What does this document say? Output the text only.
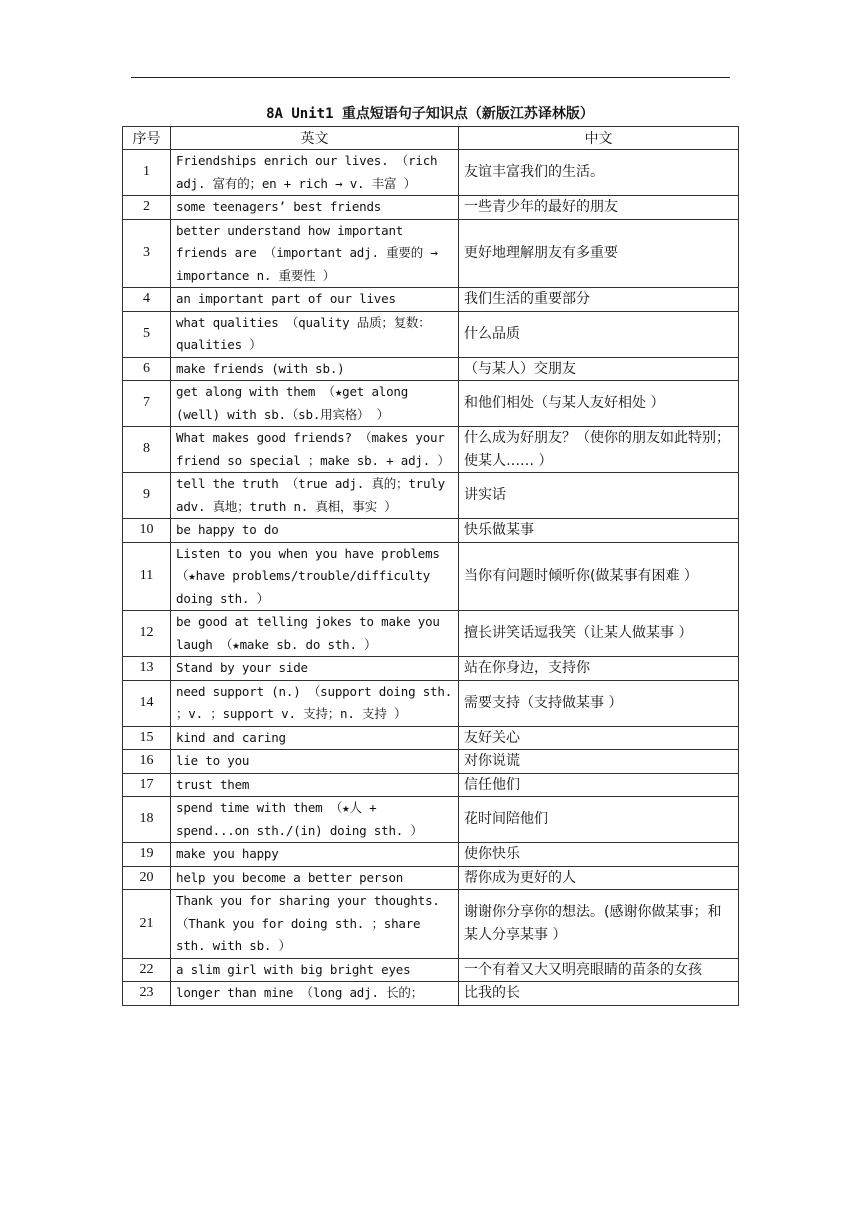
8A Unit1 重点短语句子知识点（新版江苏译林版）
序号	英文	中文
1	Friendships enrich our lives. （rich adj. 富有的；en + rich → v. 丰富 ）	友谊丰富我们的生活。
2	some teenagers’ best friends	一些青少年的最好的朋友
3	better understand how important friends are （important adj. 重要的 → importance n. 重要性 ）	更好地理解朋友有多重要
4	an important part of our lives	我们生活的重要部分
5	what qualities （quality 品质；复数：qualities ）	什么品质
6	make friends (with sb.)	（与某人）交朋友
7	get along with them （★get along (well) with sb.（sb.用宾格） ）	和他们相处（与某人友好相处 ）
8	What makes good friends? （makes your friend so special ；make sb. + adj. ）	什么成为好朋友？（使你的朋友如此特别；使某人…… ）
9	tell the truth （true adj. 真的；truly adv. 真地；truth n. 真相，事实 ）	讲实话
10	be happy to do	快乐做某事
11	Listen to you when you have problems （★have problems/trouble/difficulty doing sth. ）	当你有问题时倾听你(做某事有困难 ）
12	be good at telling jokes to make you laugh （★make sb. do sth. ）	擅长讲笑话逗我笑（让某人做某事 ）
13	Stand by your side	站在你身边，支持你
14	need support (n.) （support doing sth. ；v. ；support v. 支持；n. 支持 ）	需要支持（支持做某事 ）
15	kind and caring	友好关心
16	lie to you	对你说谎
17	trust them	信任他们
18	spend time with them （★人 + spend...on sth./(in) doing sth. ）	花时间陪他们
19	make you happy	使你快乐
20	help you become a better person	帮你成为更好的人
21	Thank you for sharing your thoughts. （Thank you for doing sth. ；share sth. with sb. ）	谢谢你分享你的想法。(感谢你做某事；和某人分享某事 ）
22	a slim girl with big bright eyes	一个有着又大又明亮眼睛的苗条的女孩
23	longer than mine （long adj. 长的；	比我的长
